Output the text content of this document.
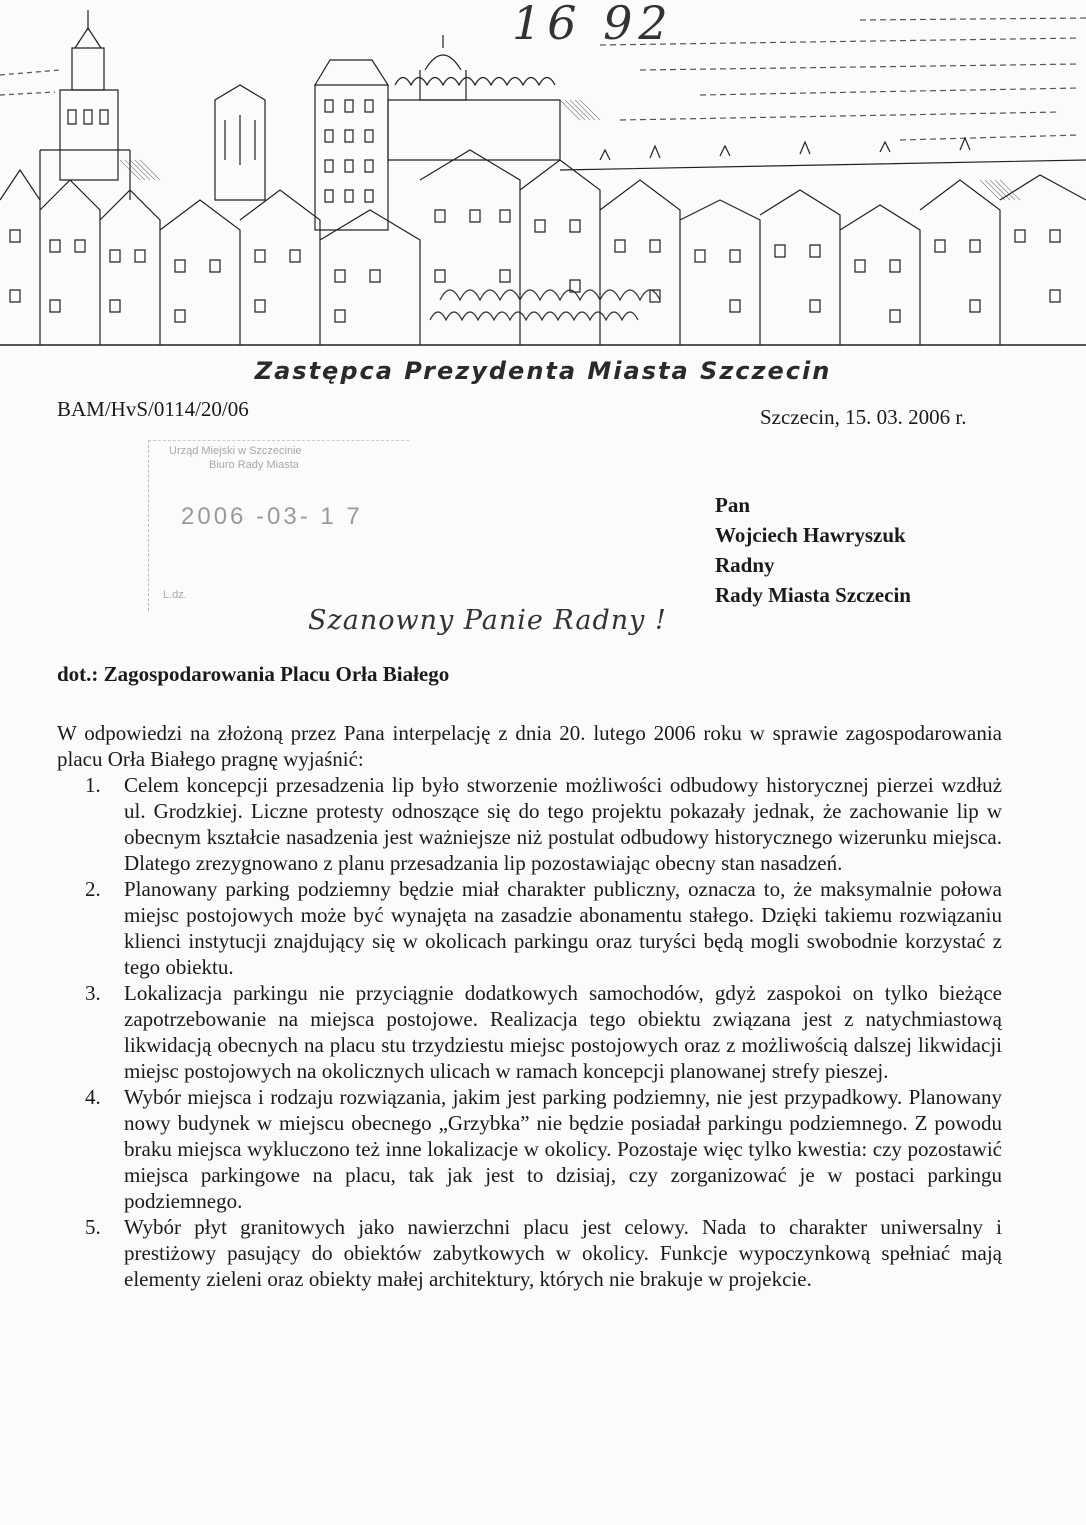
16 92
Zastępca Prezydenta Miasta Szczecin
BAM/HvS/0114/20/06	Szczecin, 15. 03. 2006 r.
Urząd Miejski w Szczecinie
Biuro Rady Miasta
2006 -03- 1 7
L.dz.
Pan
Wojciech Hawryszuk
Radny
Rady Miasta Szczecin
Szanowny Panie Radny !
dot.: Zagospodarowania Placu Orła Białego
W odpowiedzi na złożoną przez Pana interpelację z dnia 20. lutego 2006 roku w sprawie zagospodarowania placu Orła Białego pragnę wyjaśnić:
1. Celem koncepcji przesadzenia lip było stworzenie możliwości odbudowy historycznej pierzei wzdłuż ul. Grodzkiej. Liczne protesty odnoszące się do tego projektu pokazały jednak, że zachowanie lip w obecnym kształcie nasadzenia jest ważniejsze niż postulat odbudowy historycznego wizerunku miejsca. Dlatego zrezygnowano z planu przesadzania lip pozostawiając obecny stan nasadzeń.
2. Planowany parking podziemny będzie miał charakter publiczny, oznacza to, że maksymalnie połowa miejsc postojowych może być wynajęta na zasadzie abonamentu stałego. Dzięki takiemu rozwiązaniu klienci instytucji znajdujący się w okolicach parkingu oraz turyści będą mogli swobodnie korzystać z tego obiektu.
3. Lokalizacja parkingu nie przyciągnie dodatkowych samochodów, gdyż zaspokoi on tylko bieżące zapotrzebowanie na miejsca postojowe. Realizacja tego obiektu związana jest z natychmiastową likwidacją obecnych na placu stu trzydziestu miejsc postojowych oraz z możliwością dalszej likwidacji miejsc postojowych na okolicznych ulicach w ramach koncepcji planowanej strefy pieszej.
4. Wybór miejsca i rodzaju rozwiązania, jakim jest parking podziemny, nie jest przypadkowy. Planowany nowy budynek w miejscu obecnego „Grzybka” nie będzie posiadał parkingu podziemnego. Z powodu braku miejsca wykluczono też inne lokalizacje w okolicy. Pozostaje więc tylko kwestia: czy pozostawić miejsca parkingowe na placu, tak jak jest to dzisiaj, czy zorganizować je w postaci parkingu podziemnego.
5. Wybór płyt granitowych jako nawierzchni placu jest celowy. Nada to charakter uniwersalny i prestiżowy pasujący do obiektów zabytkowych w okolicy. Funkcje wypoczynkową spełniać mają elementy zieleni oraz obiekty małej architektury, których nie brakuje w projekcie.
